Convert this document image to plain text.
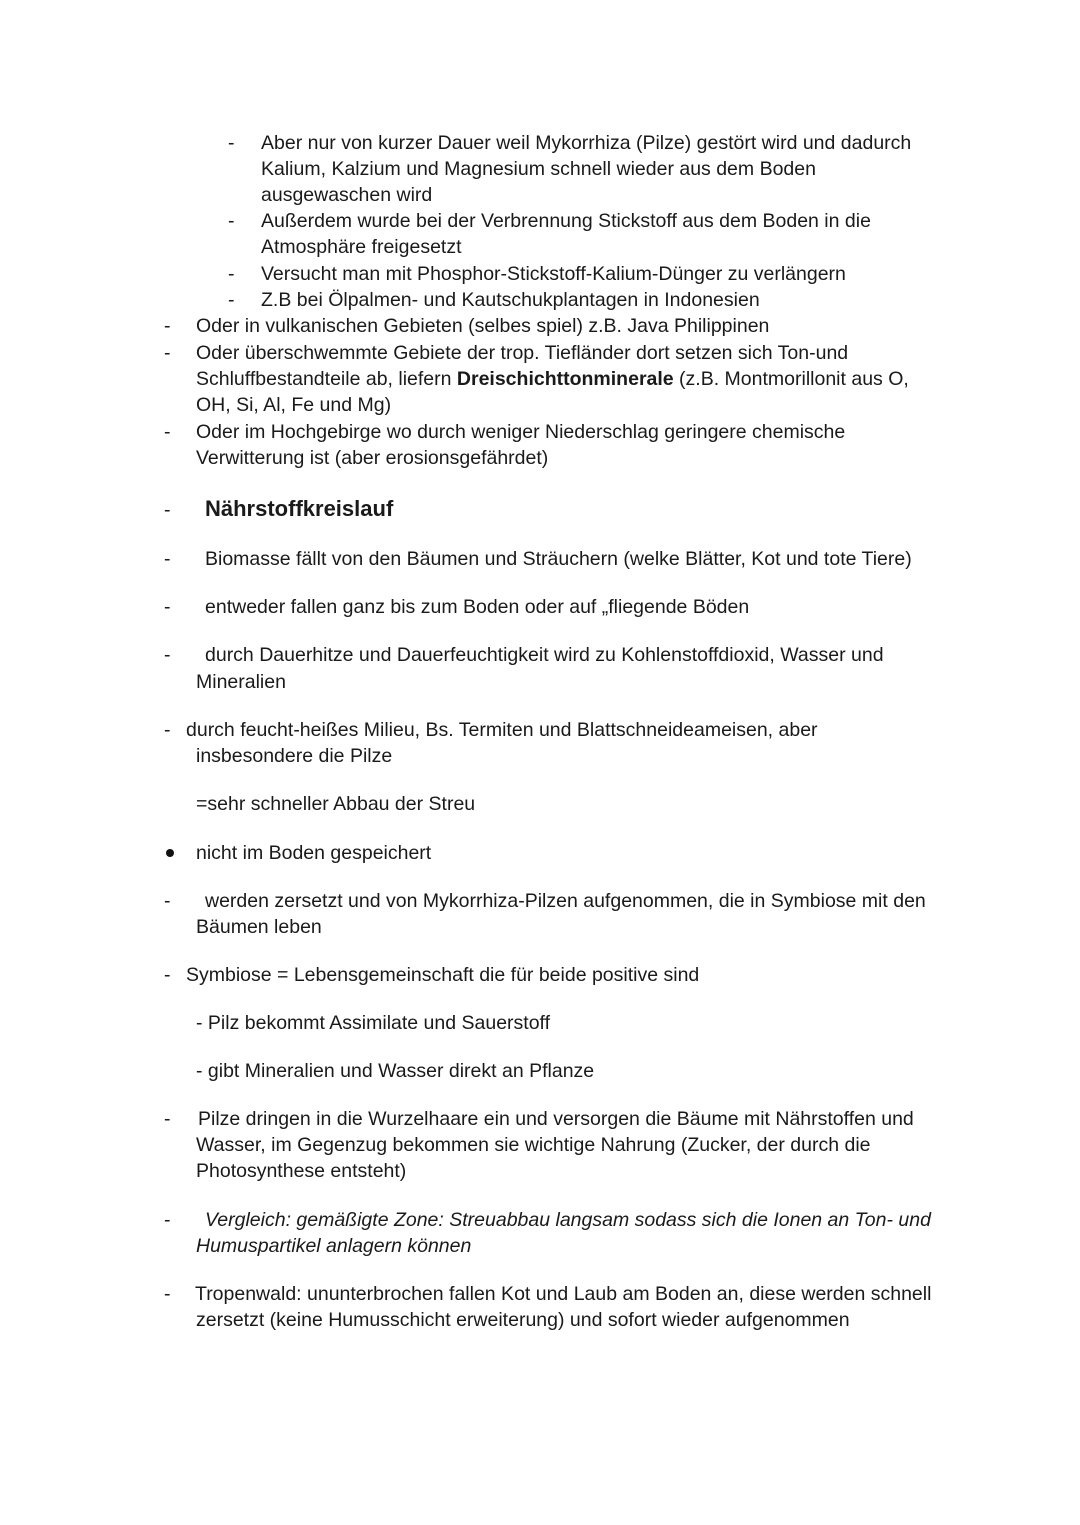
- Aber nur von kurzer Dauer weil Mykorrhiza (Pilze) gestört wird und dadurch
Kalium, Kalzium und Magnesium schnell wieder aus dem Boden
ausgewaschen wird
- Außerdem wurde bei der Verbrennung Stickstoff aus dem Boden in die
Atmosphäre freigesetzt
- Versucht man mit Phosphor-Stickstoff-Kalium-Dünger zu verlängern
- Z.B bei Ölpalmen- und Kautschukplantagen in Indonesien
- Oder in vulkanischen Gebieten (selbes spiel) z.B. Java Philippinen
- Oder überschwemmte Gebiete der trop. Tiefländer dort setzen sich Ton-und
Schluffbestandteile ab, liefern Dreischichttonminerale (z.B. Montmorillonit aus O,
OH, Si, Al, Fe und Mg)
- Oder im Hochgebirge wo durch weniger Niederschlag geringere chemische
Verwitterung ist (aber erosionsgefährdet)
- Nährstoffkreislauf
- Biomasse fällt von den Bäumen und Sträuchern (welke Blätter, Kot und tote Tiere)
- entweder fallen ganz bis zum Boden oder auf „fliegende Böden
- durch Dauerhitze und Dauerfeuchtigkeit wird zu Kohlenstoffdioxid, Wasser und
Mineralien
- durch feucht-heißes Milieu, Bs. Termiten und Blattschneideameisen, aber
insbesondere die Pilze
=sehr schneller Abbau der Streu
nicht im Boden gespeichert
- werden zersetzt und von Mykorrhiza-Pilzen aufgenommen, die in Symbiose mit den
Bäumen leben
- Symbiose = Lebensgemeinschaft die für beide positive sind
- Pilz bekommt Assimilate und Sauerstoff
- gibt Mineralien und Wasser direkt an Pflanze
- Pilze dringen in die Wurzelhaare ein und versorgen die Bäume mit Nährstoffen und
Wasser, im Gegenzug bekommen sie wichtige Nahrung (Zucker, der durch die
Photosynthese entsteht)
- Vergleich: gemäßigte Zone: Streuabbau langsam sodass sich die Ionen an Ton- und
Humuspartikel anlagern können
- Tropenwald: ununterbrochen fallen Kot und Laub am Boden an, diese werden schnell
zersetzt (keine Humusschicht erweiterung) und sofort wieder aufgenommen
